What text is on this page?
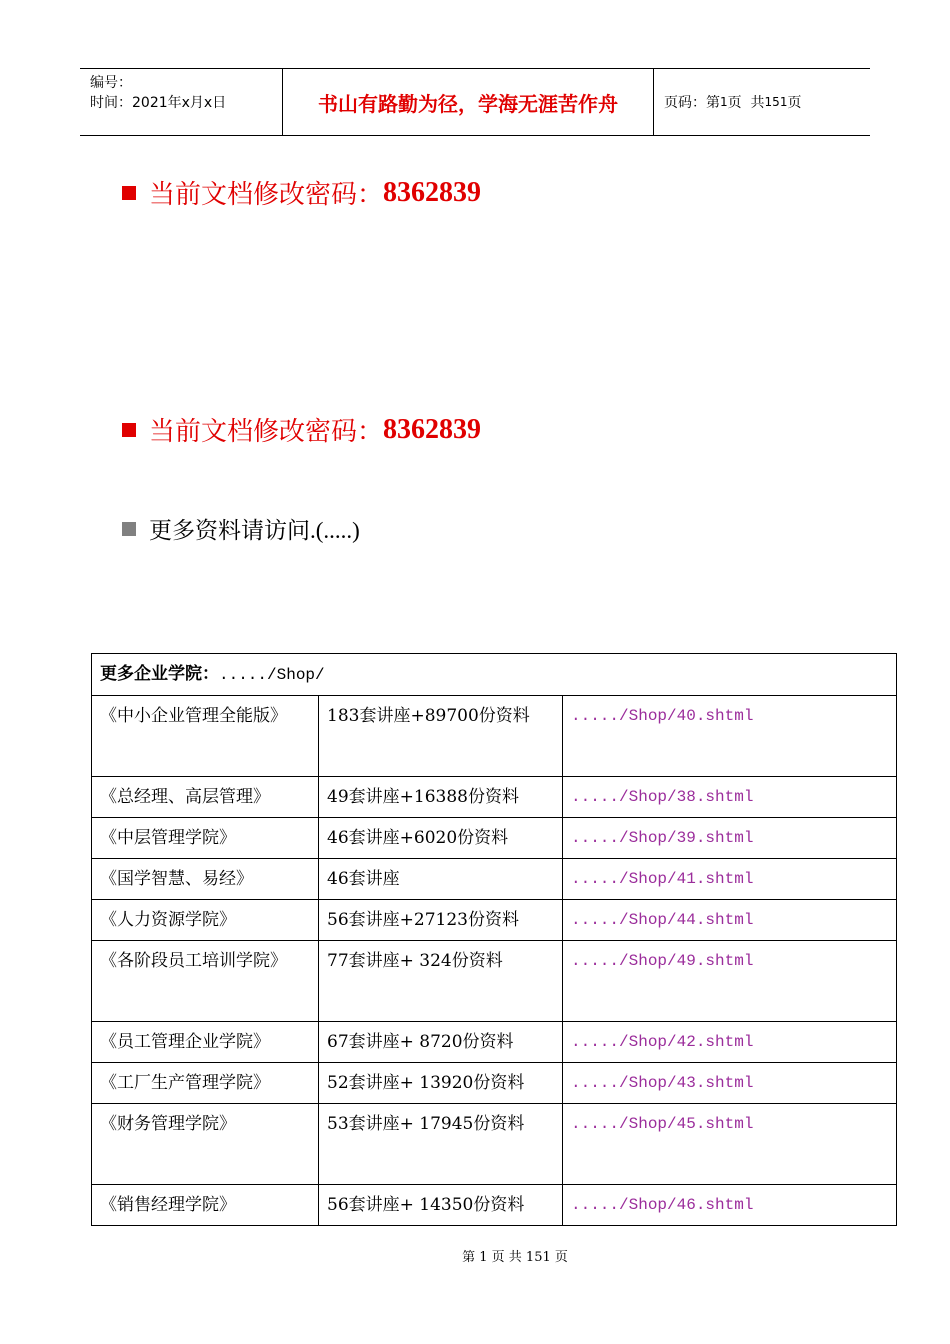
编号：
时间：2021年x月x日	书山有路勤为径，学海无涯苦作舟	页码：第 1 页  共 151 页
当前文档修改密码： 8362839
当前文档修改密码： 8362839
更多资料请访问.(.....)
更多企业学院：...../Shop/		
《中小企业管理全能版》	183套讲座+89700份资料	...../Shop/40.shtml
《总经理、高层管理》	49套讲座+16388份资料	...../Shop/38.shtml
《中层管理学院》	46套讲座+6020份资料	...../Shop/39.shtml
《国学智慧、易经》	46套讲座	...../Shop/41.shtml
《人力资源学院》	56套讲座+27123份资料	...../Shop/44.shtml
《各阶段员工培训学院》	77套讲座+ 324份资料	...../Shop/49.shtml
《员工管理企业学院》	67套讲座+ 8720份资料	...../Shop/42.shtml
《工厂生产管理学院》	52套讲座+ 13920份资料	...../Shop/43.shtml
《财务管理学院》	53套讲座+ 17945份资料	...../Shop/45.shtml
《销售经理学院》	56套讲座+ 14350份资料	...../Shop/46.shtml
第 1 页 共 151 页
